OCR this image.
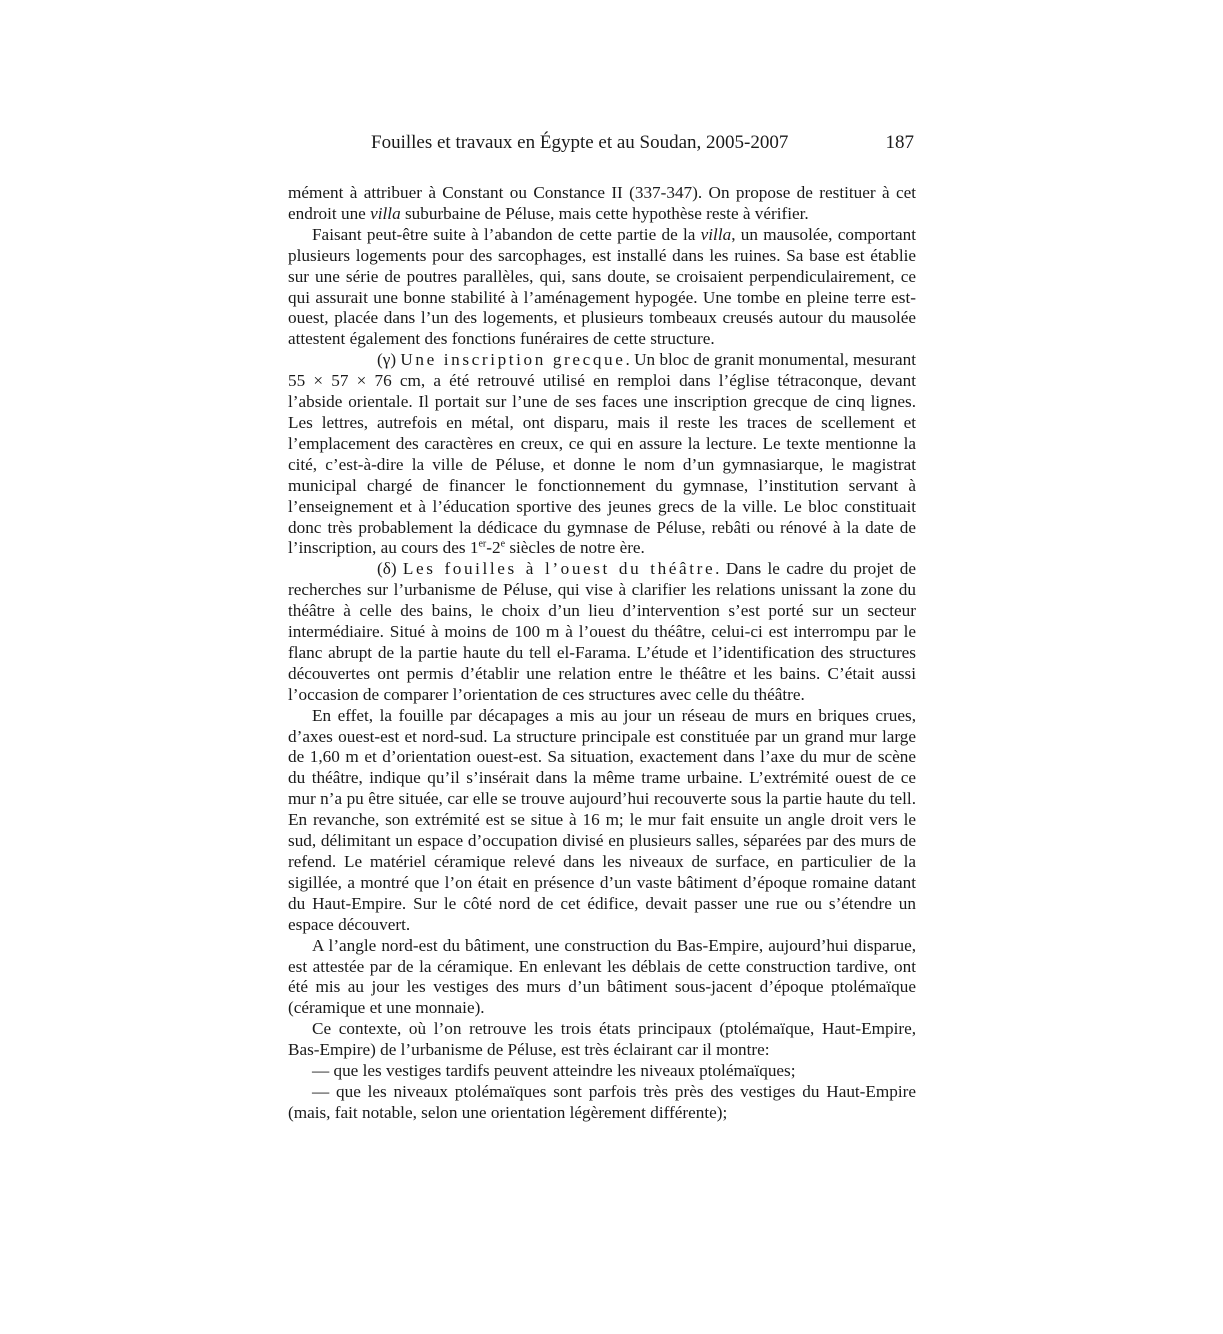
Fouilles et travaux en Égypte et au Soudan, 2005-2007	187

mément à attribuer à Constant ou Constance II (337-347). On propose de restituer à cet endroit une villa suburbaine de Péluse, mais cette hypothèse reste à vérifier.

Faisant peut-être suite à l’abandon de cette partie de la villa, un mausolée, comportant plusieurs logements pour des sarcophages, est installé dans les ruines. Sa base est établie sur une série de poutres parallèles, qui, sans doute, se croisaient perpendiculairement, ce qui assurait une bonne stabilité à l’aménagement hypogée. Une tombe en pleine terre est-ouest, placée dans l’un des logements, et plusieurs tombeaux creusés autour du mausolée attestent également des fonctions funéraires de cette structure.

(γ) Une inscription grecque. Un bloc de granit monumental, mesurant 55 × 57 × 76 cm, a été retrouvé utilisé en remploi dans l’église tétraconque, devant l’abside orientale. Il portait sur l’une de ses faces une inscription grecque de cinq lignes. Les lettres, autrefois en métal, ont disparu, mais il reste les traces de scellement et l’emplacement des caractères en creux, ce qui en assure la lecture. Le texte mentionne la cité, c’est-à-dire la ville de Péluse, et donne le nom d’un gymnasiarque, le magistrat municipal chargé de financer le fonctionnement du gymnase, l’institution servant à l’enseignement et à l’éducation sportive des jeunes grecs de la ville. Le bloc constituait donc très probablement la dédicace du gymnase de Péluse, rebâti ou rénové à la date de l’inscription, au cours des 1er-2e siècles de notre ère.

(δ) Les fouilles à l’ouest du théâtre. Dans le cadre du projet de recherches sur l’urbanisme de Péluse, qui vise à clarifier les relations unissant la zone du théâtre à celle des bains, le choix d’un lieu d’intervention s’est porté sur un secteur intermédiaire. Situé à moins de 100 m à l’ouest du théâtre, celui-ci est interrompu par le flanc abrupt de la partie haute du tell el-Farama. L’étude et l’identification des structures découvertes ont permis d’établir une relation entre le théâtre et les bains. C’était aussi l’occasion de comparer l’orientation de ces structures avec celle du théâtre.

En effet, la fouille par décapages a mis au jour un réseau de murs en briques crues, d’axes ouest-est et nord-sud. La structure principale est constituée par un grand mur large de 1,60 m et d’orientation ouest-est. Sa situation, exactement dans l’axe du mur de scène du théâtre, indique qu’il s’insérait dans la même trame urbaine. L’extrémité ouest de ce mur n’a pu être située, car elle se trouve aujourd’hui recouverte sous la partie haute du tell. En revanche, son extrémité est se situe à 16 m; le mur fait ensuite un angle droit vers le sud, délimitant un espace d’occupation divisé en plusieurs salles, séparées par des murs de refend. Le matériel céramique relevé dans les niveaux de surface, en particulier de la sigillée, a montré que l’on était en présence d’un vaste bâtiment d’époque romaine datant du Haut-Empire. Sur le côté nord de cet édifice, devait passer une rue ou s’étendre un espace découvert.

A l’angle nord-est du bâtiment, une construction du Bas-Empire, aujourd’hui disparue, est attestée par de la céramique. En enlevant les déblais de cette construction tardive, ont été mis au jour les vestiges des murs d’un bâtiment sous-jacent d’époque ptolémaïque (céramique et une monnaie).

Ce contexte, où l’on retrouve les trois états principaux (ptolémaïque, Haut-Empire, Bas-Empire) de l’urbanisme de Péluse, est très éclairant car il montre:

— que les vestiges tardifs peuvent atteindre les niveaux ptolémaïques;

— que les niveaux ptolémaïques sont parfois très près des vestiges du Haut-Empire (mais, fait notable, selon une orientation légèrement différente);
